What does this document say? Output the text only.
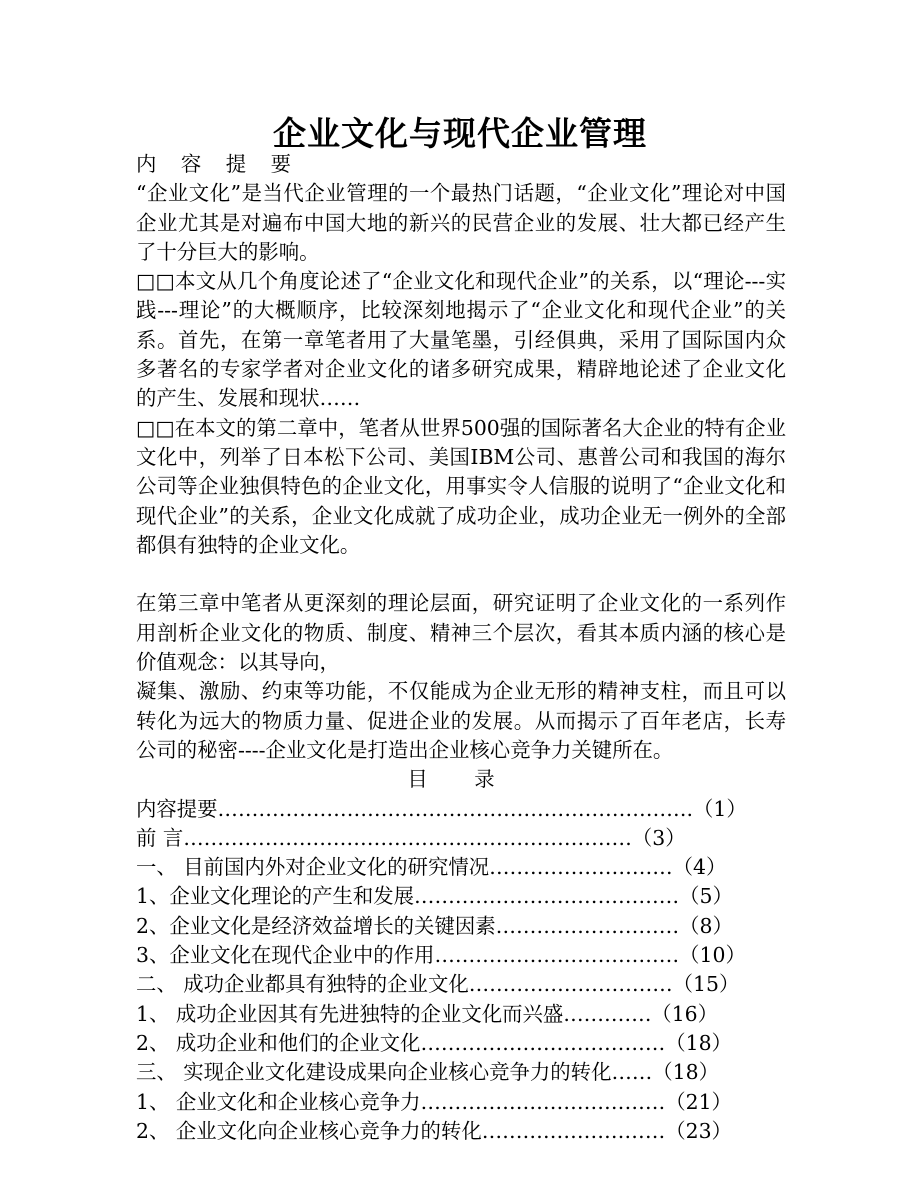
企业文化与现代企业管理

内 容 提 要

“企业文化”是当代企业管理的一个最热门话题，“企业文化”理论对中国企业尤其是对遍布中国大地的新兴的民营企业的发展、壮大都已经产生了十分巨大的影响。

□□本文从几个角度论述了“企业文化和现代企业”的关系，以“理论---实践---理论”的大概顺序，比较深刻地揭示了“企业文化和现代企业”的关系。首先，在第一章笔者用了大量笔墨，引经俱典，采用了国际国内众多著名的专家学者对企业文化的诸多研究成果，精辟地论述了企业文化的产生、发展和现状……

□□在本文的第二章中，笔者从世界500强的国际著名大企业的特有企业文化中，列举了日本松下公司、美国IBM公司、惠普公司和我国的海尔公司等企业独俱特色的企业文化，用事实令人信服的说明了“企业文化和现代企业”的关系，企业文化成就了成功企业，成功企业无一例外的全部都俱有独特的企业文化。

在第三章中笔者从更深刻的理论层面，研究证明了企业文化的一系列作用剖析企业文化的物质、制度、精神三个层次，看其本质内涵的核心是价值观念：以其导向，

凝集、激励、约束等功能，不仅能成为企业无形的精神支柱，而且可以转化为远大的物质力量、促进企业的发展。从而揭示了百年老店，长寿公司的秘密----企业文化是打造出企业核心竞争力关键所在。

目 录

内容提要…………………………………………………………….（1）

前 言…………………………………………………………（3）

一、 目前国内外对企业文化的研究情况………………………（4）

1、企业文化理论的产生和发展…………………………………（5）

2、企业文化是经济效益增长的关键因素………………………（8）

3、企业文化在现代企业中的作用………………………………（10）

二、 成功企业都具有独特的企业文化…………………………（15）

1、 成功企业因其有先进独特的企业文化而兴盛………….（16）

2、 成功企业和他们的企业文化………………………………（18）

三、 实现企业文化建设成果向企业核心竞争力的转化……（18）

1、 企业文化和企业核心竞争力………………………………（21）

2、 企业文化向企业核心竞争力的转化………………………（23）
